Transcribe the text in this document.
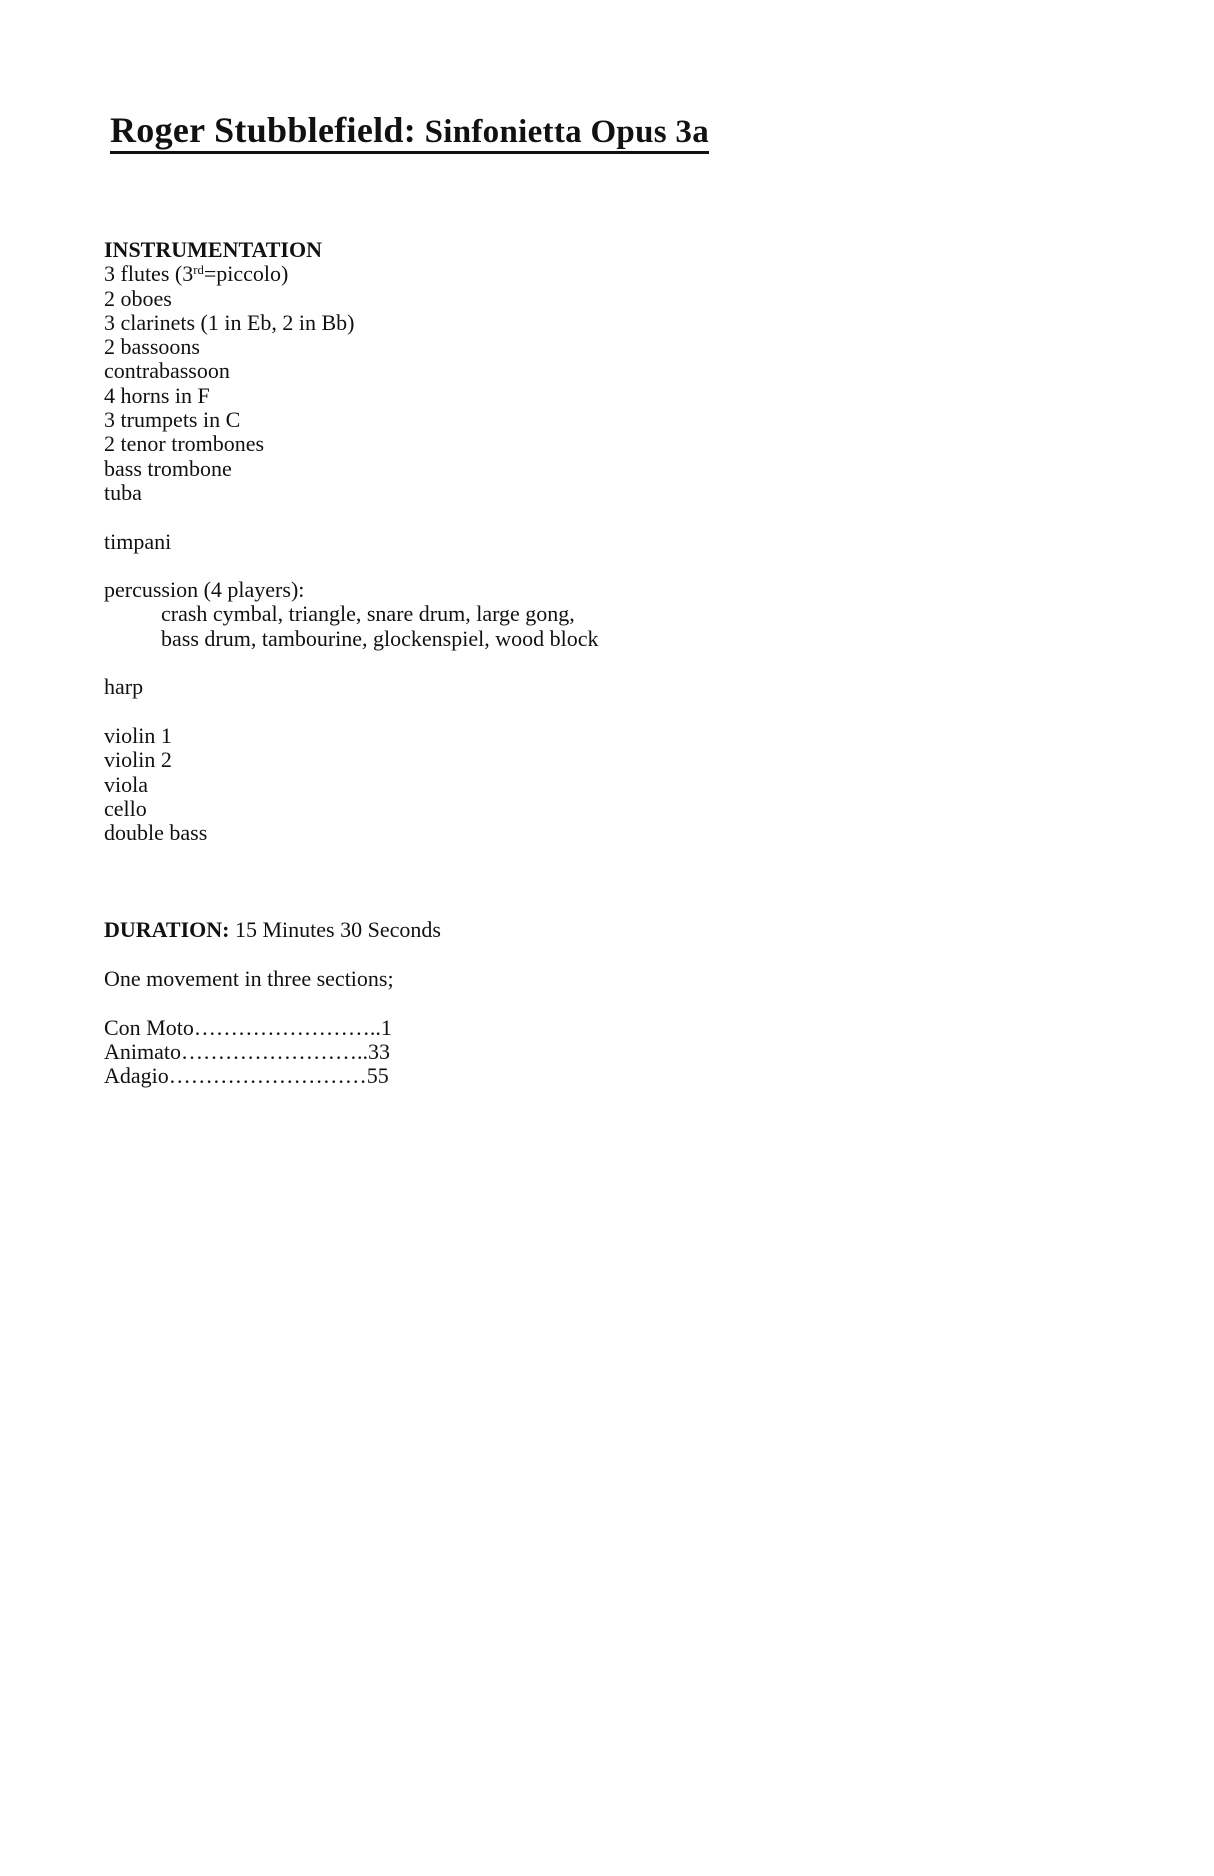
Roger Stubblefield: Sinfonietta Opus 3a
INSTRUMENTATION
3 flutes (3rd=piccolo)
2 oboes
3 clarinets (1 in Eb, 2 in Bb)
2 bassoons
contrabassoon
4 horns in F
3 trumpets in C
2 tenor trombones
bass trombone
tuba
timpani
percussion (4 players):
crash cymbal, triangle, snare drum, large gong,
bass drum, tambourine, glockenspiel, wood block
harp
violin 1
violin 2
viola
cello
double bass
DURATION: 15 Minutes 30 Seconds
One movement in three sections;
Con Moto……………………..1
Animato……………………..33
Adagio………………………55
